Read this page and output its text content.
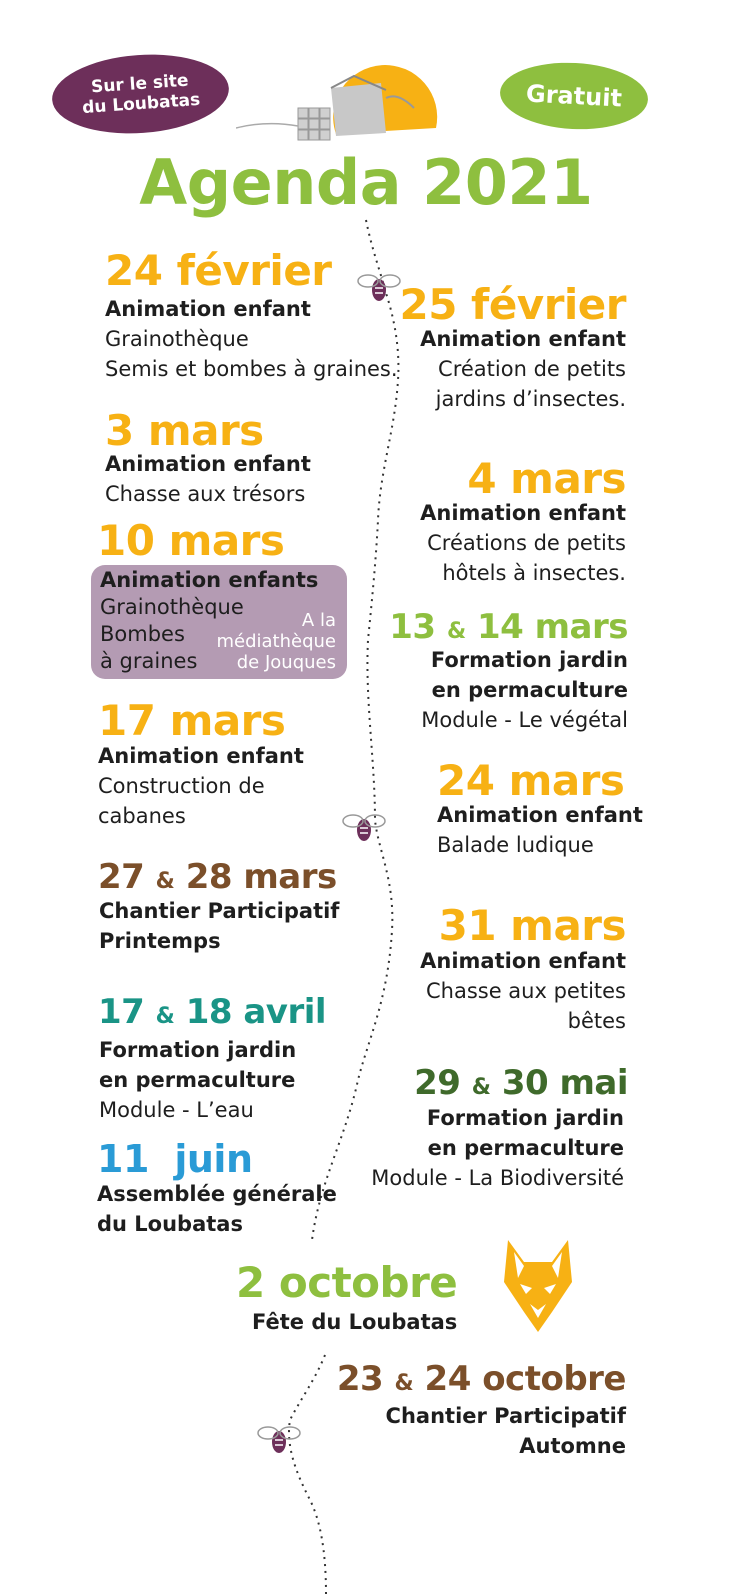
Sur le site
du Loubatas	Gratuit
Agenda 2021
24 février
Animation enfant
Grainothèque
Semis et bombes à graines.
25 février
Animation enfant
Création de petits
jardins d’insectes.
3 mars
Animation enfant
Chasse aux trésors	4 mars
Animation enfant
Créations de petits
hôtels à insectes.
10 mars
Animation enfants
Grainothèque
Bombes
à graines
A la
médiathèque
de Jouques
13 & 14 mars
Formation jardin
en permaculture
Module - Le végétal
17 mars
Animation enfant
Construction de
cabanes
24 mars
Animation enfant
Balade ludique
27 & 28 mars
Chantier Participatif
Printemps	31 mars
Animation enfant
Chasse aux petites
bêtes
17 & 18 avril
Formation jardin
en permaculture
Module - L’eau
29 & 30 mai
Formation jardin
en permaculture
Module - La Biodiversité
11  juin
Assemblée générale
du Loubatas
2 octobre
Fête du Loubatas
23 & 24 octobre
Chantier Participatif
Automne
